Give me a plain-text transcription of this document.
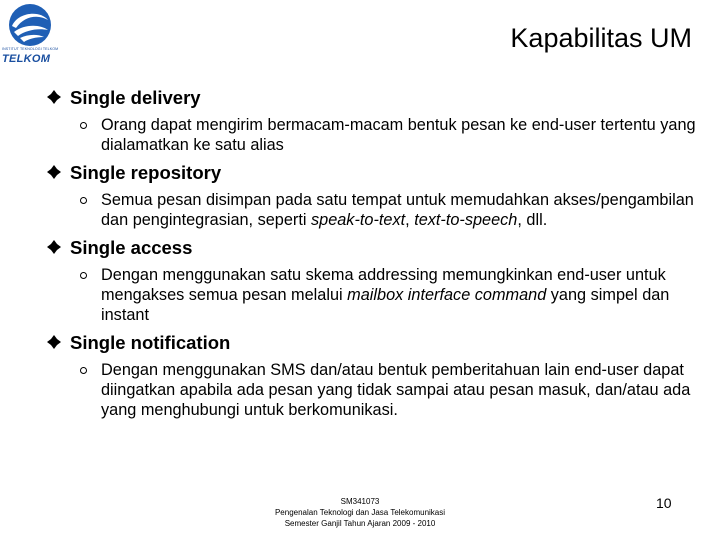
INSTITUT TEKNOLOGI TELKOM
TELKOM
Kapabilitas UM
Single delivery
Orang dapat mengirim bermacam-macam bentuk pesan ke end-user tertentu yang dialamatkan ke satu alias
Single repository
Semua pesan disimpan pada satu tempat untuk memudahkan akses/pengambilan dan pengintegrasian, seperti speak-to-text, text-to-speech, dll.
Single access
Dengan menggunakan satu skema addressing memungkinkan end-user untuk mengakses semua pesan melalui mailbox interface command yang simpel dan instant
Single notification
Dengan menggunakan SMS dan/atau bentuk pemberitahuan lain end-user dapat diingatkan apabila ada pesan yang tidak sampai atau pesan masuk, dan/atau ada yang menghubungi untuk berkomunikasi.
SM341073
Pengenalan Teknologi dan Jasa Telekomunikasi
Semester Ganjil Tahun Ajaran 2009 - 2010
10
